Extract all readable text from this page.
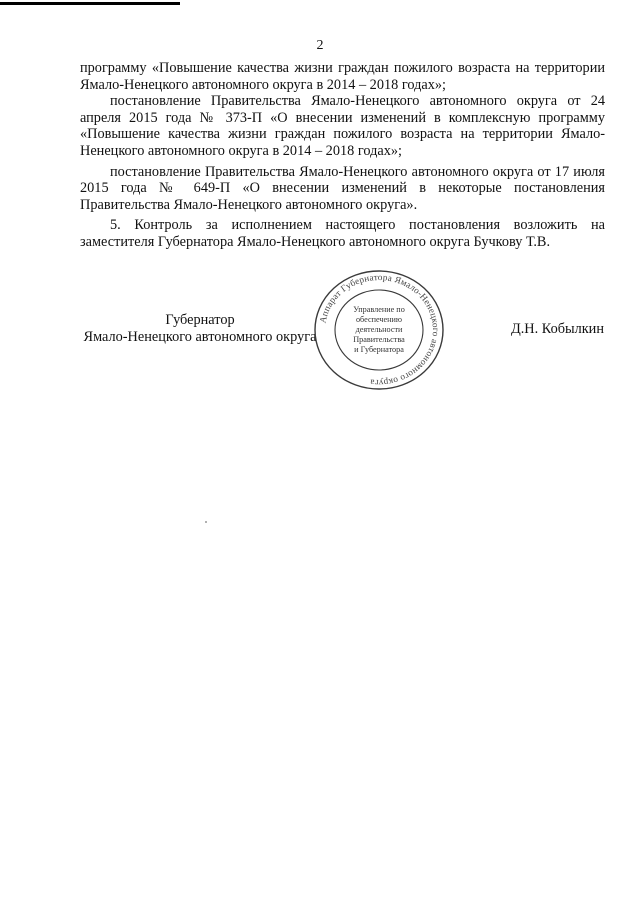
2

программу «Повышение качества жизни граждан пожилого возраста на территории Ямало-Ненецкого автономного округа в 2014 – 2018 годах»;

постановление Правительства Ямало-Ненецкого автономного округа от 24 апреля 2015 года № 373-П «О внесении изменений в комплексную программу «Повышение качества жизни граждан пожилого возраста на территории Ямало-Ненецкого автономного округа в 2014 – 2018 годах»;

постановление Правительства Ямало-Ненецкого автономного округа от 17 июля 2015 года № 649-П «О внесении изменений в некоторые постановления Правительства Ямало-Ненецкого автономного округа».

5. Контроль за исполнением настоящего постановления возложить на заместителя Губернатора Ямало-Ненецкого автономного округа Бучкову Т.В.

Губернатор
Ямало-Ненецкого автономного округа	Д.Н. Кобылкин
Аппарат Губернатора Ямало-Ненецкого автономного округа
Управление по
обеспечению
деятельности
Правительства
и Губернатора
